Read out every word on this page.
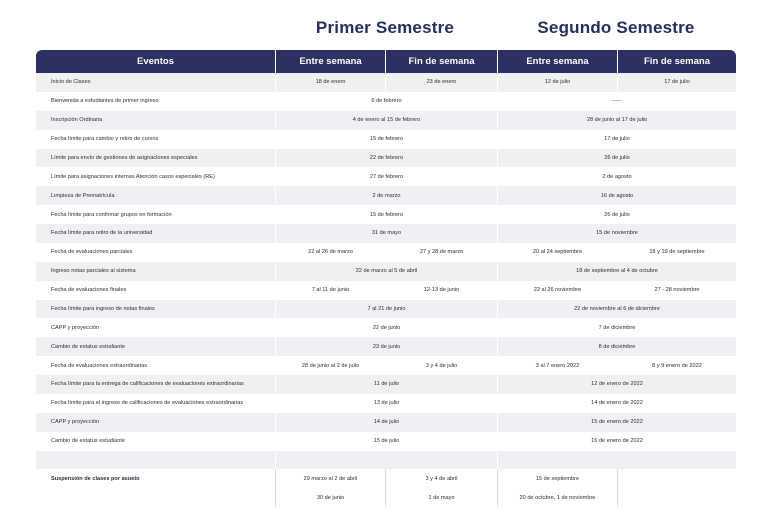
Primer Semestre	Segundo Semestre
Eventos	Entre semana	Fin de semana	Entre semana	Fin de semana
Inicio de Clases	18 de enero	23 de enero	12 de julio	17 de julio
Bienvenida a estudiantes de primer ingreso	6 de febrero		-----	
Inscripción Ordinaria	4 de enero al 15 de febrero		28 de junio al 17 de julio	
Fecha límite para cambio y retiro de cursos	15 de febrero		17 de julio	
Límite para envío de gestiones de asignaciones especiales	22 de febrero		26 de julio	
Límite para asignaciones internas Atención casos especiales (RE)	27 de febrero		2 de agosto	
Limpieza de Prematrícula	2 de marzo		16 de agosto	
Fecha límite para confirmar grupos en formación	15 de febrero		26 de julio	
Fecha límite para retiro de la universidad	31 de mayo		15 de noviembre	
Fecha de evaluaciones parciales	22 al 26 de marzo	27 y 28 de marzo	20 al 24 septiembre	18 y 19 de septiembre
Ingreso notas parciales al sistema	22 de marzo al 5 de abril		18 de septiembre al 4 de octubre	
Fecha de evaluaciones finales	7 al 11 de junio	12-13 de junio	22 al 26 noviembre	27 - 28 noviembre
Fecha límite para ingreso de notas finales	7 al 21 de junio		22 de noviembre al 6 de diciembre	
CAPP y proyección	22 de junio		7 de diciembre	
Cambio de estatus estudiante	23 de junio		8 de diciembre	
Fecha de evaluaciones extraordinarias	28 de junio al 2 de julio	3 y 4 de julio	3 al 7 enero 2022	8 y 9 enero de 2022
Fecha límite para la entrega de calificaciones de evaluaciones extraordinarias	11 de julio		12 de enero de 2022	
Fecha límite para el ingreso de calificaciones de evaluaciones extraordinarias	13 de julio		14 de enero de 2022	
CAPP y proyección	14 de julio		15 de enero de 2022	
Cambio de estatus estudiante	15 de julio		16 de enero de 2022	

Suspensión de clases por asueto	29 marzo al 2 de abril	3 y 4 de abril	15 de septiembre	
	30 de junio	1 de mayo	20 de octubre, 1 de noviembre	
